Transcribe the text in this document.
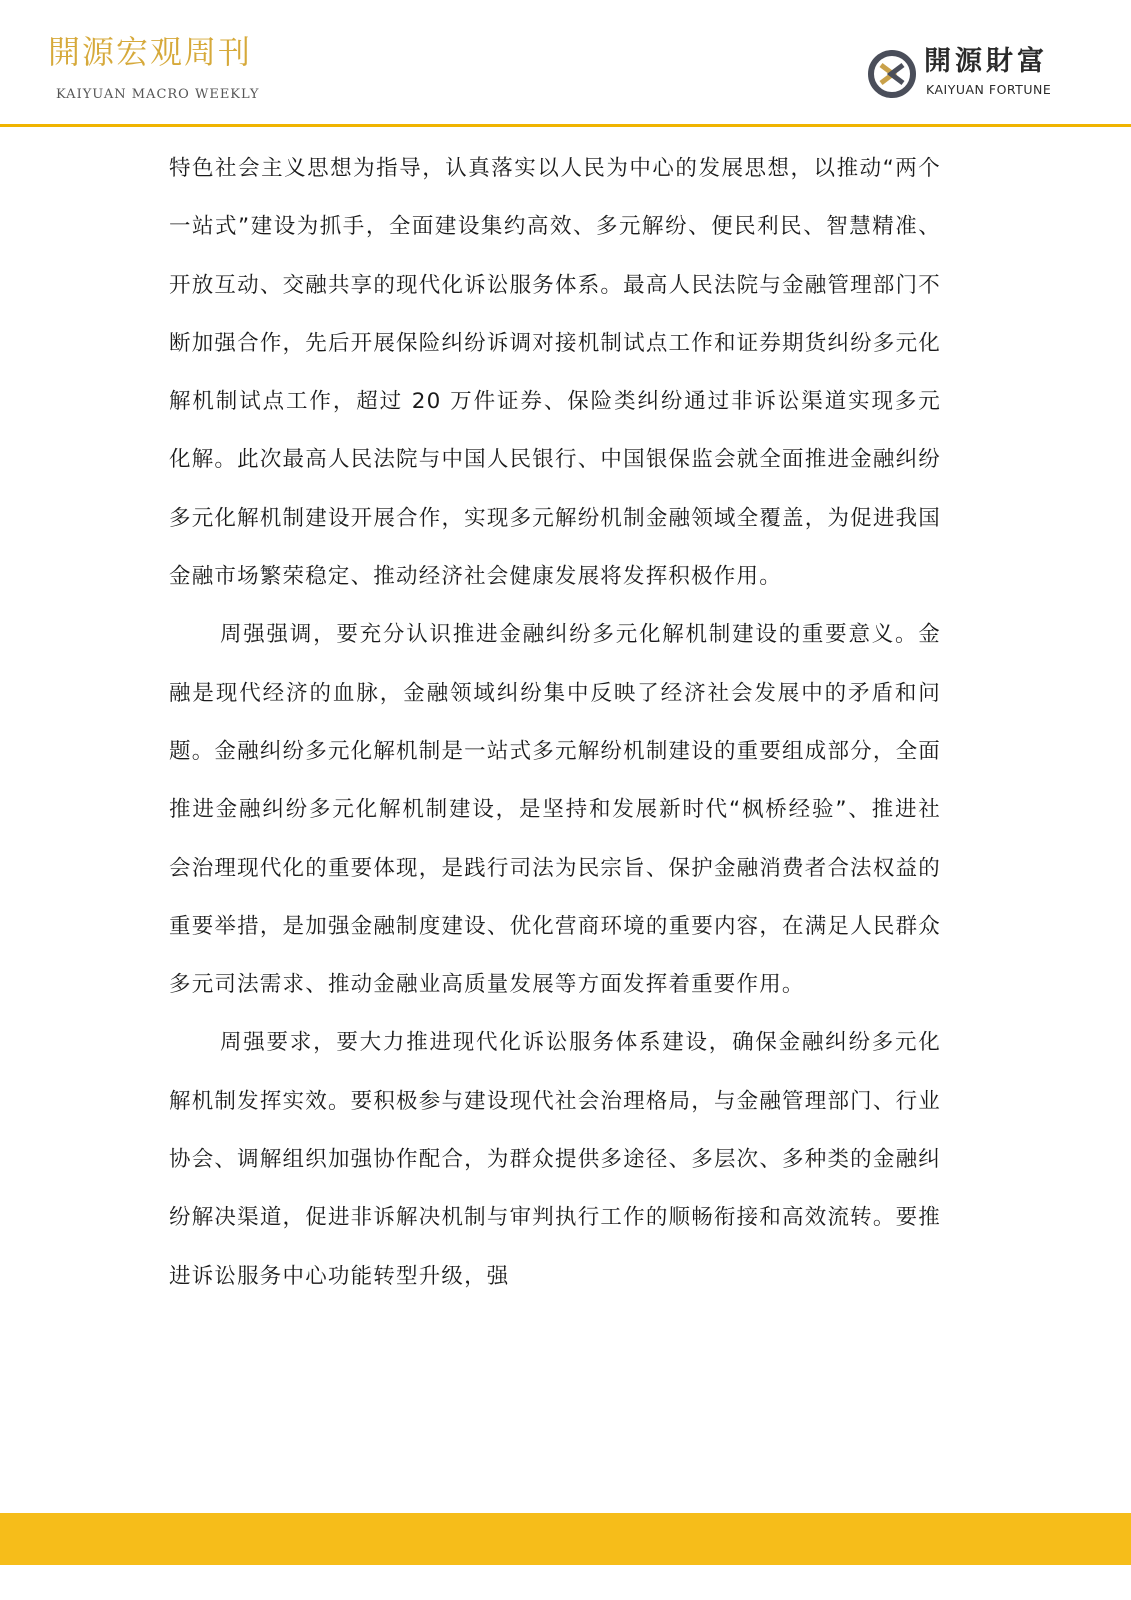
開源宏观周刊
KAIYUAN MACRO WEEKLY
開源財富
KAIYUAN FORTUNE

特色社会主义思想为指导，认真落实以人民为中心的发展思想，以推动“两个一站式”建设为抓手，全面建设集约高效、多元解纷、便民利民、智慧精准、开放互动、交融共享的现代化诉讼服务体系。最高人民法院与金融管理部门不断加强合作，先后开展保险纠纷诉调对接机制试点工作和证券期货纠纷多元化解机制试点工作，超过 20 万件证券、保险类纠纷通过非诉讼渠道实现多元化解。此次最高人民法院与中国人民银行、中国银保监会就全面推进金融纠纷多元化解机制建设开展合作，实现多元解纷机制金融领域全覆盖，为促进我国金融市场繁荣稳定、推动经济社会健康发展将发挥积极作用。

周强强调，要充分认识推进金融纠纷多元化解机制建设的重要意义。金融是现代经济的血脉，金融领域纠纷集中反映了经济社会发展中的矛盾和问题。金融纠纷多元化解机制是一站式多元解纷机制建设的重要组成部分，全面推进金融纠纷多元化解机制建设，是坚持和发展新时代“枫桥经验”、推进社会治理现代化的重要体现，是践行司法为民宗旨、保护金融消费者合法权益的重要举措，是加强金融制度建设、优化营商环境的重要内容，在满足人民群众多元司法需求、推动金融业高质量发展等方面发挥着重要作用。

周强要求，要大力推进现代化诉讼服务体系建设，确保金融纠纷多元化解机制发挥实效。要积极参与建设现代社会治理格局，与金融管理部门、行业协会、调解组织加强协作配合，为群众提供多途径、多层次、多种类的金融纠纷解决渠道，促进非诉解决机制与审判执行工作的顺畅衔接和高效流转。要推进诉讼服务中心功能转型升级，强
